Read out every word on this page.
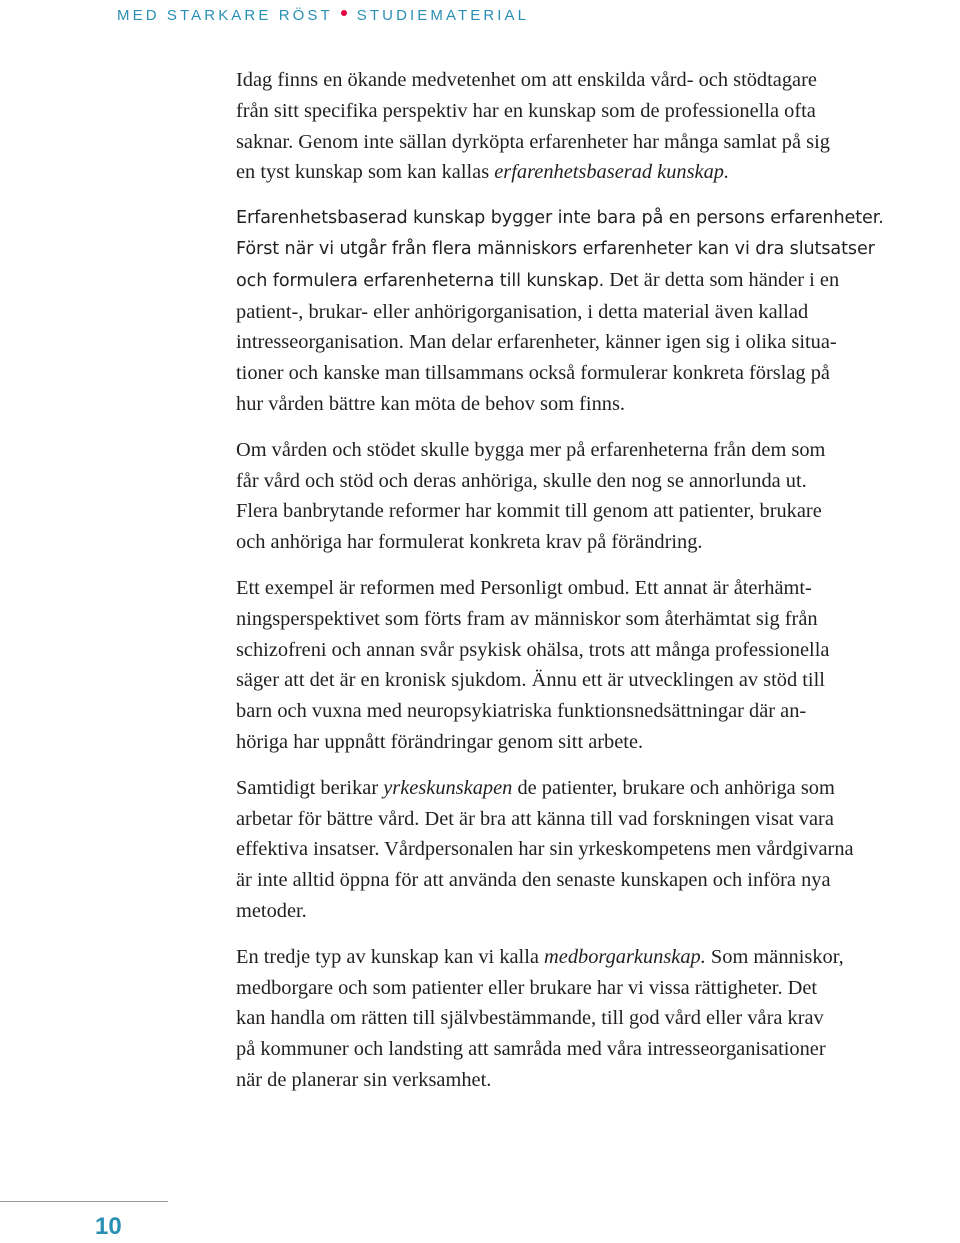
MED STARKARE RÖST STUDIEMATERIAL

Idag finns en ökande medvetenhet om att enskilda vård- och stödtagare

från sitt specifika perspektiv har en kunskap som de professionella ofta

saknar. Genom inte sällan dyrköpta erfarenheter har många samlat på sig

en tyst kunskap som kan kallas erfarenhetsbaserad kunskap.

Erfarenhetsbaserad kunskap bygger inte bara på en persons erfarenheter.

Först när vi utgår från flera människors erfarenheter kan vi dra slutsatser

och formulera erfarenheterna till kunskap. Det är detta som händer i en

patient-, brukar- eller anhörigorganisation, i detta material även kallad

intresseorganisation. Man delar erfarenheter, känner igen sig i olika situa-

tioner och kanske man tillsammans också formulerar konkreta förslag på

hur vården bättre kan möta de behov som finns.

Om vården och stödet skulle bygga mer på erfarenheterna från dem som

får vård och stöd och deras anhöriga, skulle den nog se annorlunda ut.

Flera banbrytande reformer har kommit till genom att patienter, brukare

och anhöriga har formulerat konkreta krav på förändring.

Ett exempel är reformen med Personligt ombud. Ett annat är återhämt-

ningsperspektivet som förts fram av människor som återhämtat sig från

schizofreni och annan svår psykisk ohälsa, trots att många professionella

säger att det är en kronisk sjukdom. Ännu ett är utvecklingen av stöd till

barn och vuxna med neuropsykiatriska funktionsnedsättningar där an-

höriga har uppnått förändringar genom sitt arbete.

Samtidigt berikar yrkeskunskapen de patienter, brukare och anhöriga som

arbetar för bättre vård. Det är bra att känna till vad forskningen visat vara

effektiva insatser. Vårdpersonalen har sin yrkeskompetens men vårdgivarna

är inte alltid öppna för att använda den senaste kunskapen och införa nya

metoder.

En tredje typ av kunskap kan vi kalla medborgarkunskap. Som människor,

medborgare och som patienter eller brukare har vi vissa rättigheter. Det

kan handla om rätten till självbestämmande, till god vård eller våra krav

på kommuner och landsting att samråda med våra intresseorganisationer

när de planerar sin verksamhet.

10
